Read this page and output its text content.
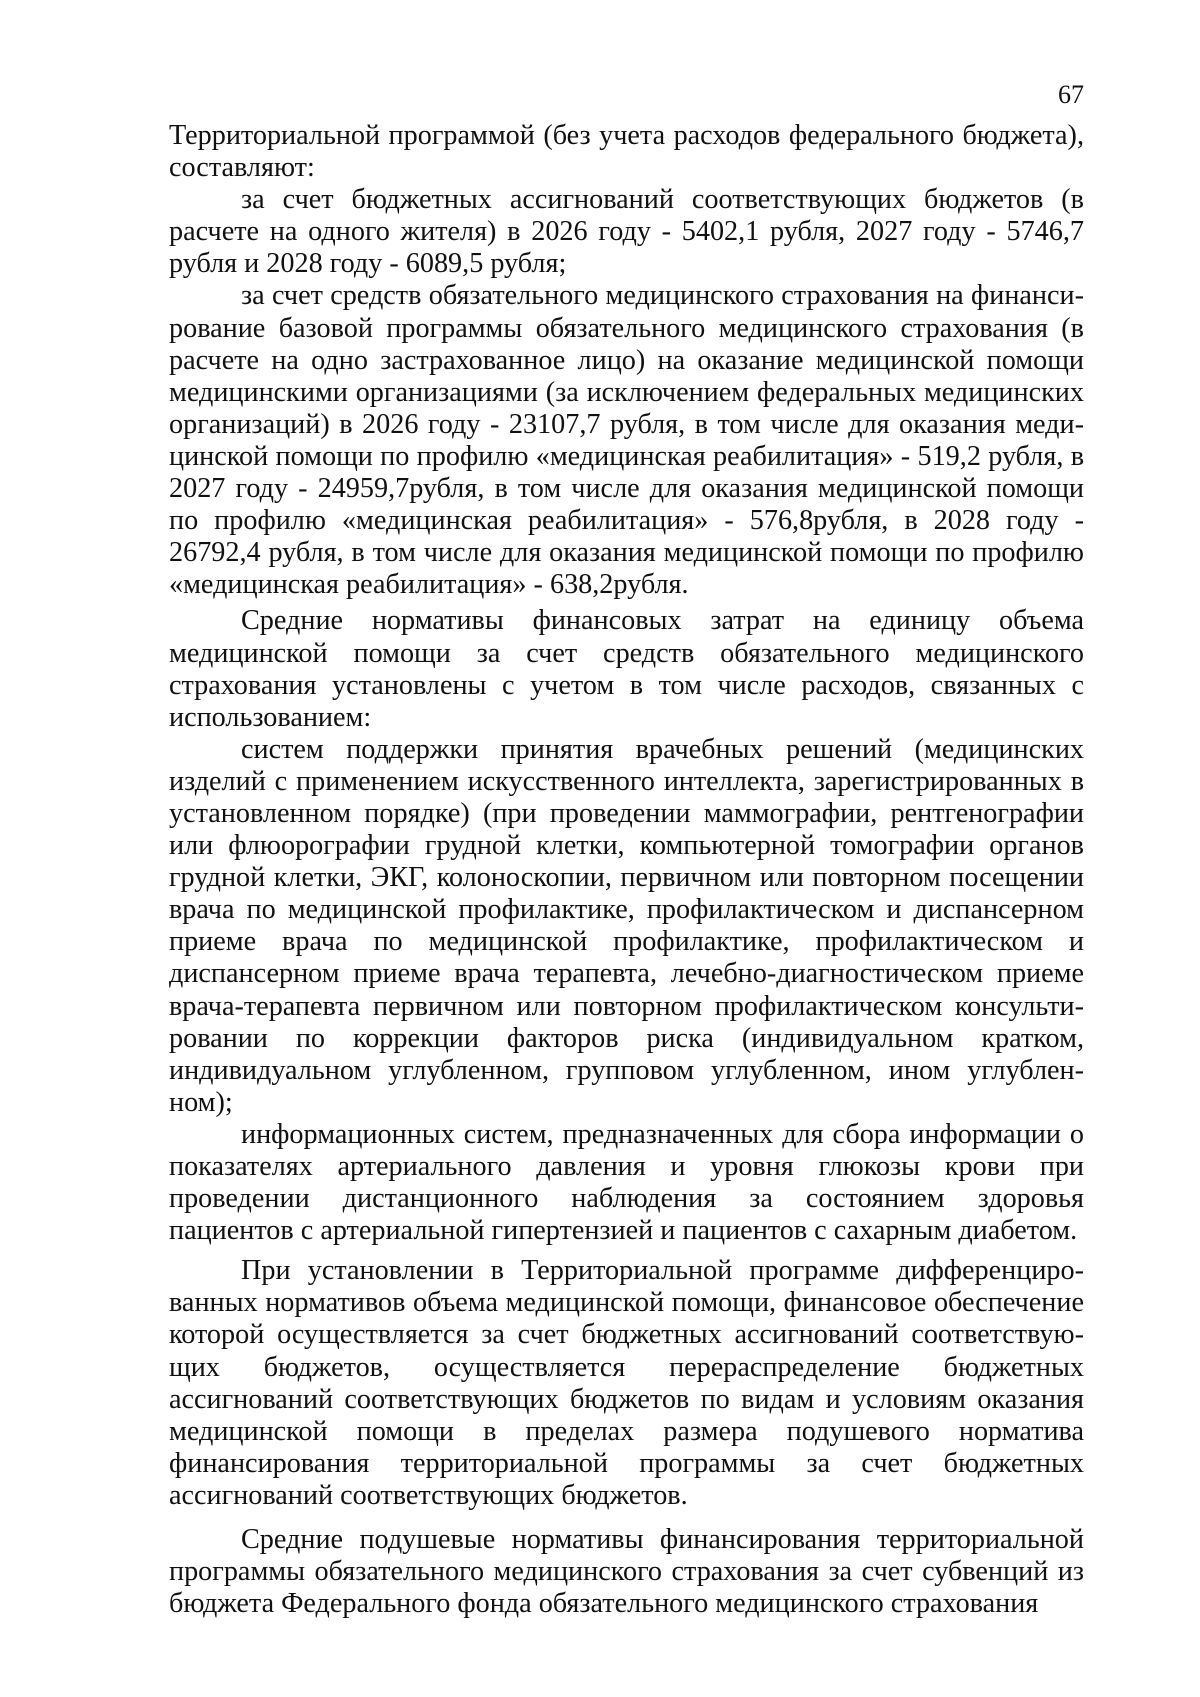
67

Территориальной программой (без учета расходов федерального бюджета), составляют:

за счет бюджетных ассигнований соответствующих бюджетов (в расчете на одного жителя) в 2026 году - 5402,1 рубля, 2027 году - 5746,7 рубля и 2028 году - 6089,5 рубля;

за счет средств обязательного медицинского страхования на финансирование базовой программы обязательного медицинского страхования (в расчете на одно застрахованное лицо) на оказание медицинской помощи медицинскими организациями (за исключением федеральных медицинских организаций) в 2026 году - 23107,7 рубля, в том числе для оказания медицинской помощи по профилю «медицинская реабилитация» - 519,2 рубля, в 2027 году - 24959,7рубля, в том числе для оказания медицинской помощи по профилю «медицинская реабилитация» - 576,8рубля, в 2028 году - 26792,4 рубля, в том числе для оказания медицинской помощи по профилю «медицинская реабилитация» - 638,2рубля.

Средние нормативы финансовых затрат на единицу объема медицинской помощи за счет средств обязательного медицинского страхования установлены с учетом в том числе расходов, связанных с использованием:

систем поддержки принятия врачебных решений (медицинских изделий с применением искусственного интеллекта, зарегистрированных в установленном порядке) (при проведении маммографии, рентгенографии или флюорографии грудной клетки, компьютерной томографии органов грудной клетки, ЭКГ, колоноскопии, первичном или повторном посещении врача по медицинской профилактике, профилактическом и диспансерном приеме врача по медицинской профилактике, профилактическом и диспансерном приеме врача терапевта, лечебно-диагностическом приеме врача-терапевта первичном или повторном профилактическом консультировании по коррекции факторов риска (индивидуальном кратком, индивидуальном углубленном, групповом углубленном, ином углубленном);

информационных систем, предназначенных для сбора информации о показателях артериального давления и уровня глюкозы крови при проведении дистанционного наблюдения за состоянием здоровья пациентов с артериальной гипертензией и пациентов с сахарным диабетом.

При установлении в Территориальной программе дифференцированных нормативов объема медицинской помощи, финансовое обеспечение которой осуществляется за счет бюджетных ассигнований соответствующих бюджетов, осуществляется перераспределение бюджетных ассигнований соответствующих бюджетов по видам и условиям оказания медицинской помощи в пределах размера подушевого норматива финансирования территориальной программы за счет бюджетных ассигнований соответствующих бюджетов.

Средние подушевые нормативы финансирования территориальной программы обязательного медицинского страхования за счет субвенций из бюджета Федерального фонда обязательного медицинского страхования
